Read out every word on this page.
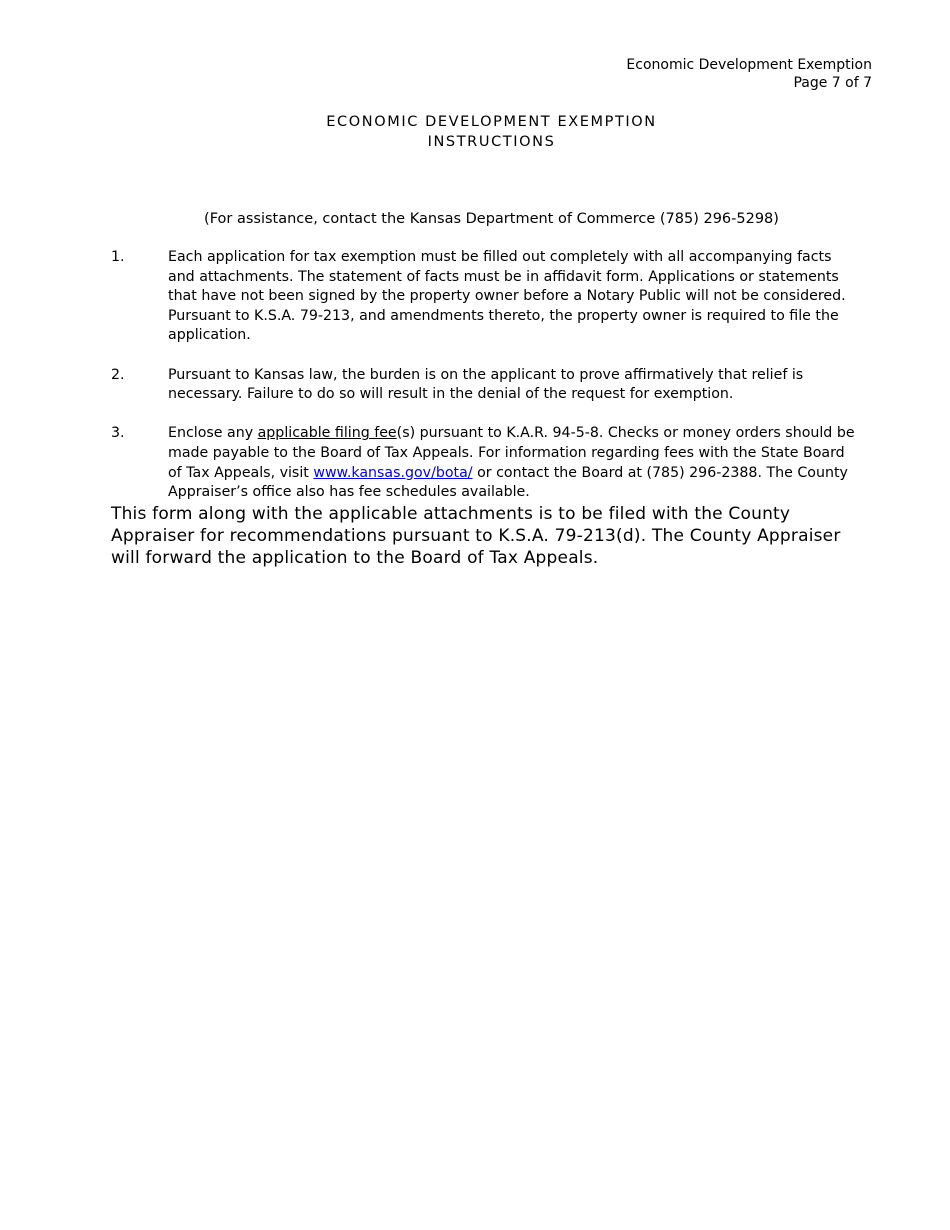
Economic Development Exemption
Page 7 of 7
ECONOMIC DEVELOPMENT EXEMPTION
INSTRUCTIONS
(For assistance, contact the Kansas Department of Commerce (785) 296-5298)
1.	Each application for tax exemption must be filled out completely with all accompanying facts and attachments. The statement of facts must be in affidavit form. Applications or statements that have not been signed by the property owner before a Notary Public will not be considered. Pursuant to K.S.A. 79-213, and amendments thereto, the property owner is required to file the application.
2.	Pursuant to Kansas law, the burden is on the applicant to prove affirmatively that relief is necessary. Failure to do so will result in the denial of the request for exemption.
3.	Enclose any applicable filing fee(s) pursuant to K.A.R. 94-5-8. Checks or money orders should be made payable to the Board of Tax Appeals. For information regarding fees with the State Board of Tax Appeals, visit www.kansas.gov/bota/ or contact the Board at (785) 296-2388. The County Appraiser’s office also has fee schedules available.
This form along with the applicable attachments is to be filed with the County Appraiser for recommendations pursuant to K.S.A. 79-213(d). The County Appraiser will forward the application to the Board of Tax Appeals.
